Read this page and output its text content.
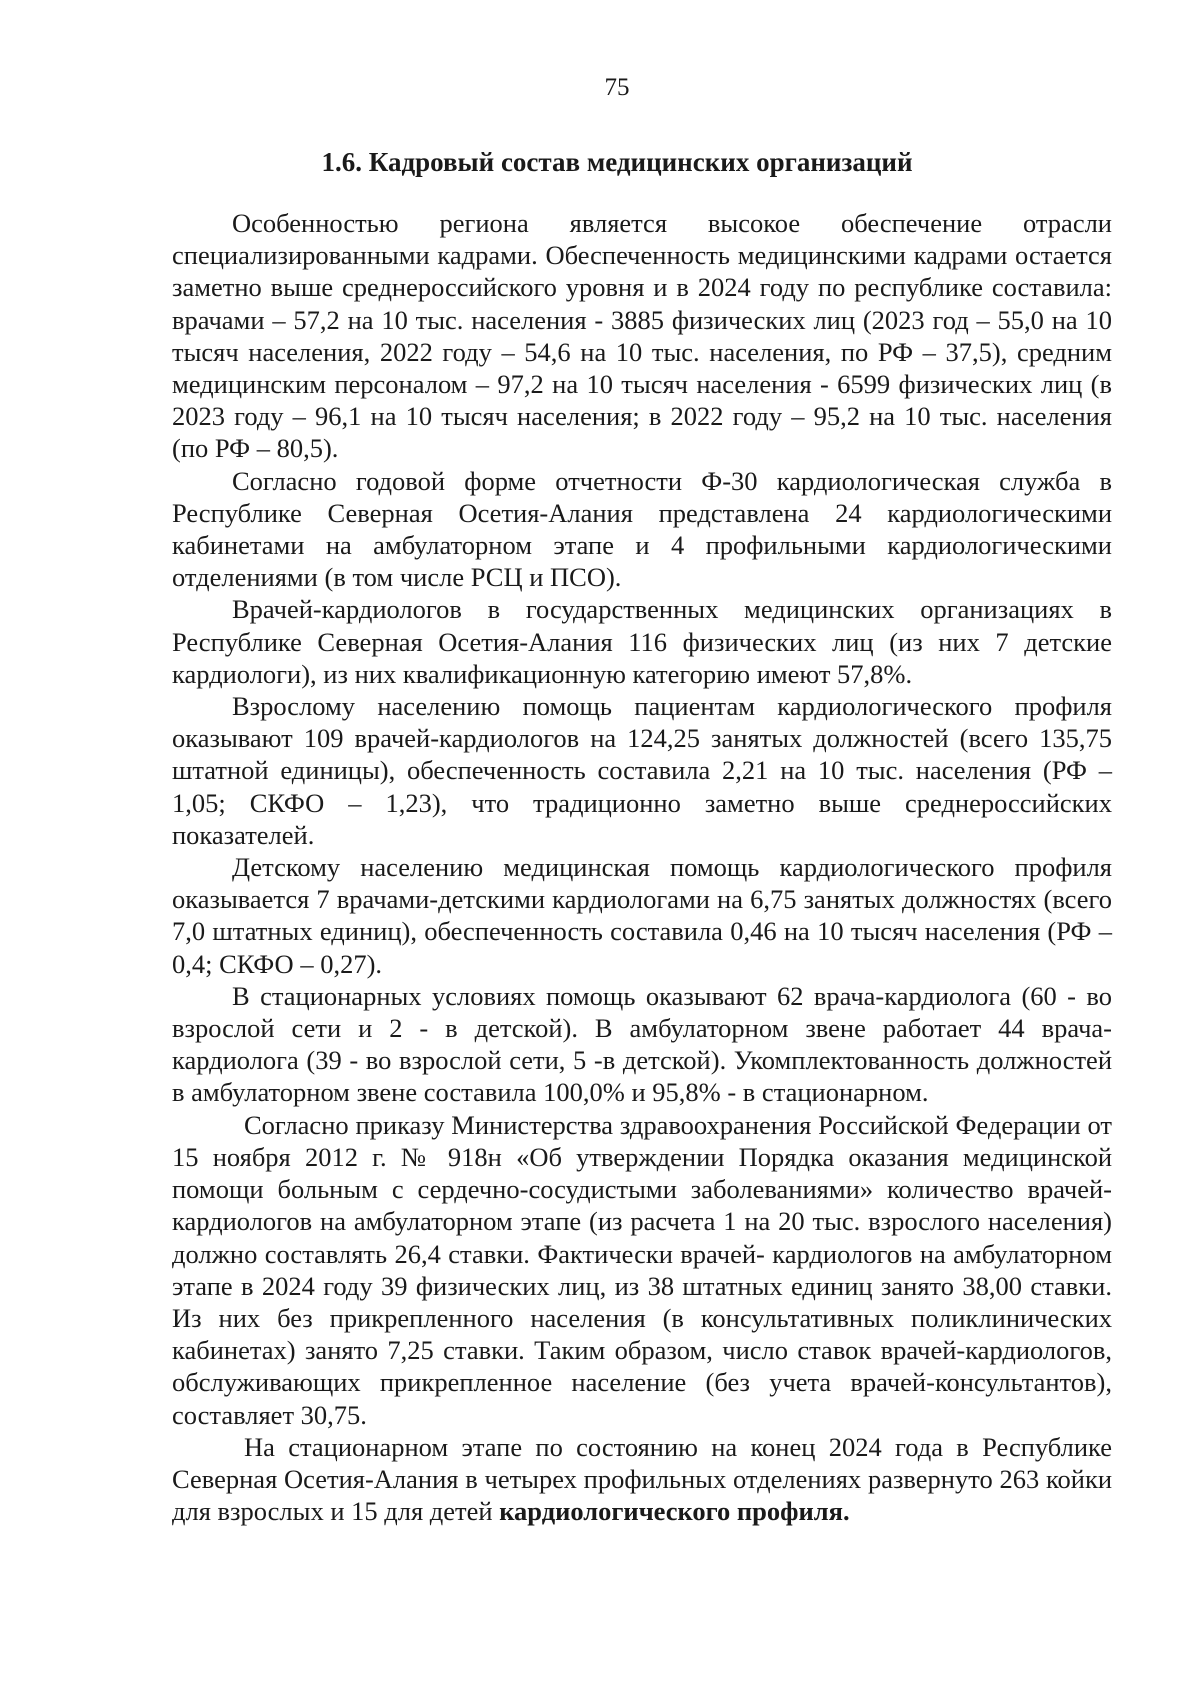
75
1.6. Кадровый состав медицинских организаций

Особенностью региона является высокое обеспечение отрасли специализированными кадрами. Обеспеченность медицинскими кадрами остается заметно выше среднероссийского уровня и в 2024 году по республике составила: врачами – 57,2 на 10 тыс. населения - 3885 физических лиц (2023 год – 55,0 на 10 тысяч населения, 2022 году – 54,6 на 10 тыс. населения, по РФ – 37,5), средним медицинским персоналом – 97,2 на 10 тысяч населения - 6599 физических лиц (в 2023 году – 96,1 на 10 тысяч населения; в 2022 году – 95,2 на 10 тыс. населения (по РФ – 80,5).

Согласно годовой форме отчетности Ф-30 кардиологическая служба в Республике Северная Осетия-Алания представлена 24 кардиологическими кабинетами на амбулаторном этапе и 4 профильными кардиологическими отделениями (в том числе РСЦ и ПСО).

Врачей-кардиологов в государственных медицинских организациях в Республике Северная Осетия-Алания 116 физических лиц (из них 7 детские кардиологи), из них квалификационную категорию имеют 57,8%.

Взрослому населению помощь пациентам кардиологического профиля оказывают 109 врачей-кардиологов на 124,25 занятых должностей (всего 135,75 штатной единицы), обеспеченность составила 2,21 на 10 тыс. населения (РФ – 1,05; СКФО – 1,23), что традиционно заметно выше среднероссийских показателей.

Детскому населению медицинская помощь кардиологического профиля оказывается 7 врачами-детскими кардиологами на 6,75 занятых должностях (всего 7,0 штатных единиц), обеспеченность составила 0,46 на 10 тысяч населения (РФ – 0,4; СКФО – 0,27).

В стационарных условиях помощь оказывают 62 врача-кардиолога (60 - во взрослой сети и 2 - в детской). В амбулаторном звене работает 44 врача-кардиолога (39 - во взрослой сети, 5 -в детской). Укомплектованность должностей в амбулаторном звене составила 100,0% и 95,8% - в стационарном.

Согласно приказу Министерства здравоохранения Российской Федерации от 15 ноября 2012 г. № 918н «Об утверждении Порядка оказания медицинской помощи больным с сердечно-сосудистыми заболеваниями» количество врачей-кардиологов на амбулаторном этапе (из расчета 1 на 20 тыс. взрослого населения) должно составлять 26,4 ставки. Фактически врачей- кардиологов на амбулаторном этапе в 2024 году 39 физических лиц, из 38 штатных единиц занято 38,00 ставки. Из них без прикрепленного населения (в консультативных поликлинических кабинетах) занято 7,25 ставки. Таким образом, число ставок врачей-кардиологов, обслуживающих прикрепленное население (без учета врачей-консультантов), составляет 30,75.

На стационарном этапе по состоянию на конец 2024 года в Республике Северная Осетия-Алания в четырех профильных отделениях развернуто 263 койки для взрослых и 15 для детей кардиологического профиля.
